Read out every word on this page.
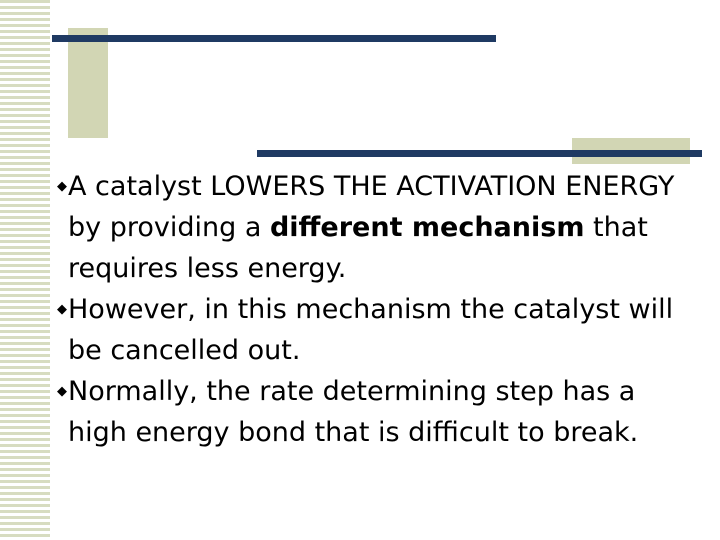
◆ A catalyst LOWERS THE ACTIVATION ENERGY by providing a different mechanism that requires less energy.

◆ However, in this mechanism the catalyst will be cancelled out.

◆ Normally, the rate determining step has a high energy bond that is difficult to break.
